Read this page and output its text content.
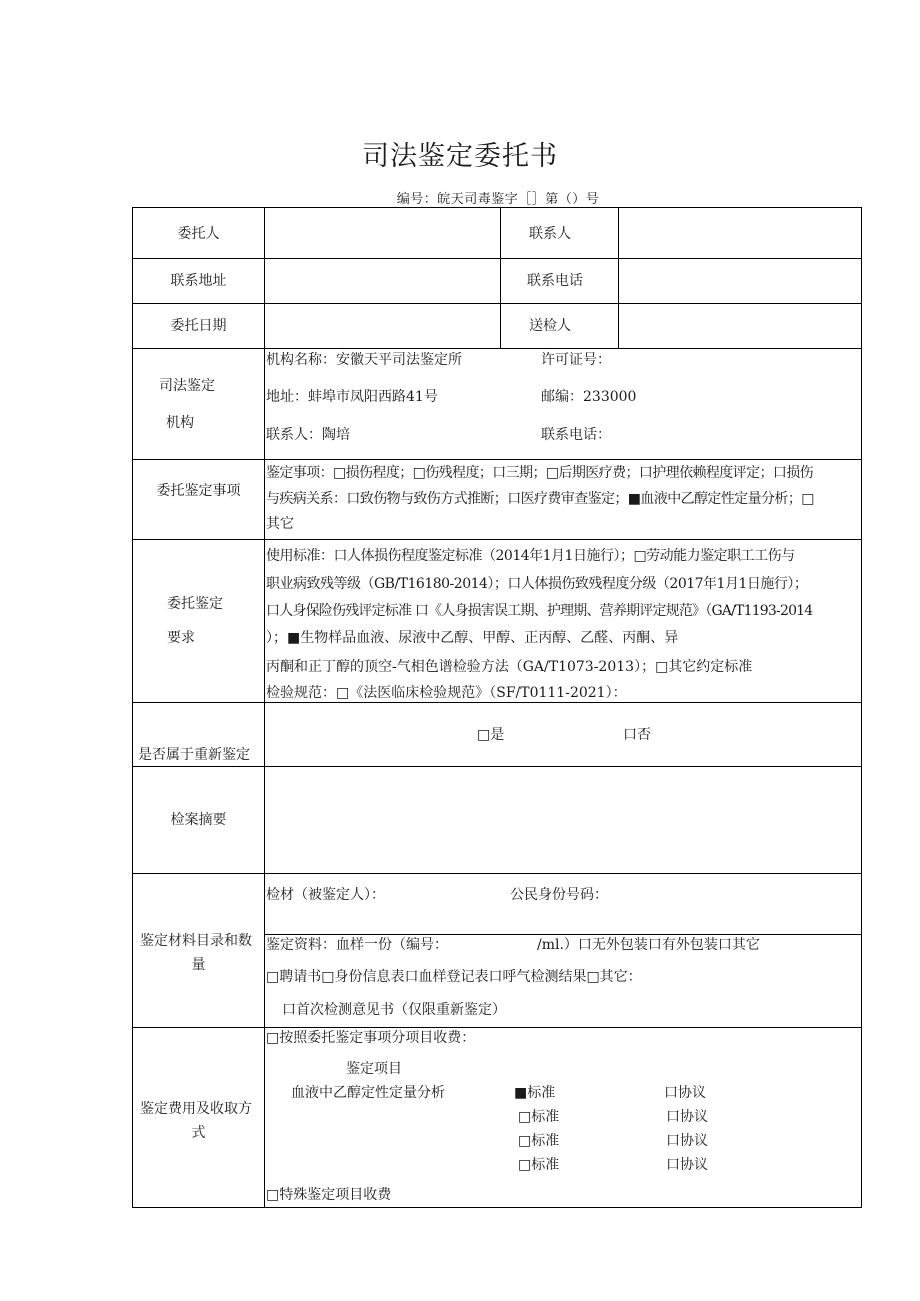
司法鉴定委托书
编号：皖天司毒鉴字［］第（）号
委托人	联系人
联系地址	联系电话
委托日期	送检人
司法鉴定
机构
机构名称：安徽天平司法鉴定所	许可证号：
地址：蚌埠市凤阳西路41号	邮编：233000
联系人：陶培	联系电话：
委托鉴定事项
鉴定事项：□损伤程度；□伤残程度；口三期；□后期医疗费；口护理依赖程度评定；口损伤
与疾病关系：口致伤物与致伤方式推断；口医疗费审查鉴定；■血液中乙醇定性定量分析；□
其它
委托鉴定
要求
使用标准：口人体损伤程度鉴定标准（2014年1月1日施行）；□劳动能力鉴定职工工伤与
职业病致残等级（GB/T16180-2014）；口人体损伤致残程度分级（2017年1月1日施行）；
口人身保险伤残评定标准 口《人身损害误工期、护理期、营养期评定规范》（GA/T1193-2014
）；■生物样品血液、尿液中乙醇、甲醇、正丙醇、乙醛、丙酮、异
丙酮和正丁醇的顶空-气相色谱检验方法（GA/T1073-2013）；□其它约定标准
检验规范：□《法医临床检验规范》（SF/T0111-2021）：
是否属于重新鉴定
□是	口否
检案摘要
鉴定材料目录和数
量
检材（被鉴定人）：	公民身份号码：
鉴定资料：血样一份（编号：                    /ml.）口无外包装口有外包装口其它
□聘请书□身份信息表口血样登记表口呼气检测结果□其它：
口首次检测意见书（仅限重新鉴定）
鉴定费用及收取方
式
□按照委托鉴定事项分项目收费：
鉴定项目
血液中乙醇定性定量分析	■标准	口协议
□标准	口协议
□标准	口协议
□标准	口协议
□特殊鉴定项目收费
